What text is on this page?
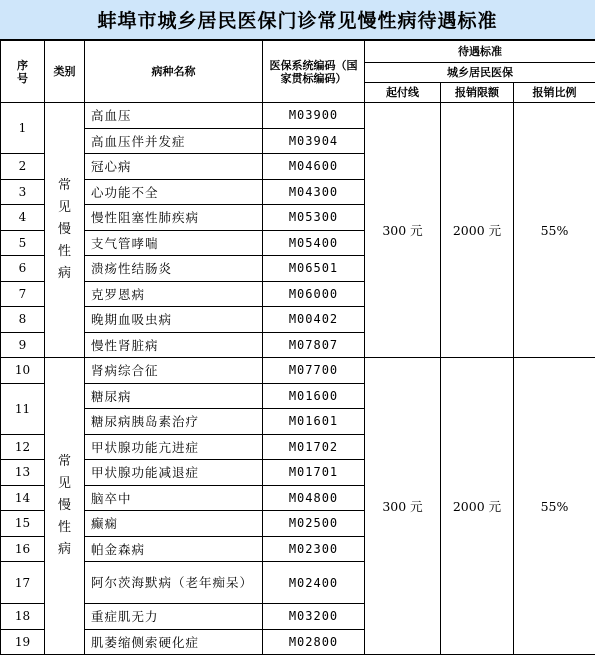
蚌埠市城乡居民医保门诊常见慢性病待遇标准
序
号	类别	病种名称	医保系统编码（国家贯标编码）	待遇标准		
				城乡居民医保		
				起付线	报销限额	报销比例
1	常见慢性病	高血压	M03900	300 元	2000 元	55%
		高血压伴并发症	M03904			
2		冠心病	M04600			
3		心功能不全	M04300			
4		慢性阻塞性肺疾病	M05300			
5		支气管哮喘	M05400			
6		溃疡性结肠炎	M06501			
7		克罗恩病	M06000			
8		晚期血吸虫病	M00402			
9		慢性肾脏病	M07807			
10	常见慢性病	肾病综合征	M07700	300 元	2000 元	55%
11		糖尿病	M01600			
		糖尿病胰岛素治疗	M01601			
12		甲状腺功能亢进症	M01702			
13		甲状腺功能减退症	M01701			
14		脑卒中	M04800			
15		癫痫	M02500			
16		帕金森病	M02300			
17		阿尔茨海默病（老年痴呆）	M02400			
18		重症肌无力	M03200			
19		肌萎缩侧索硬化症	M02800			
